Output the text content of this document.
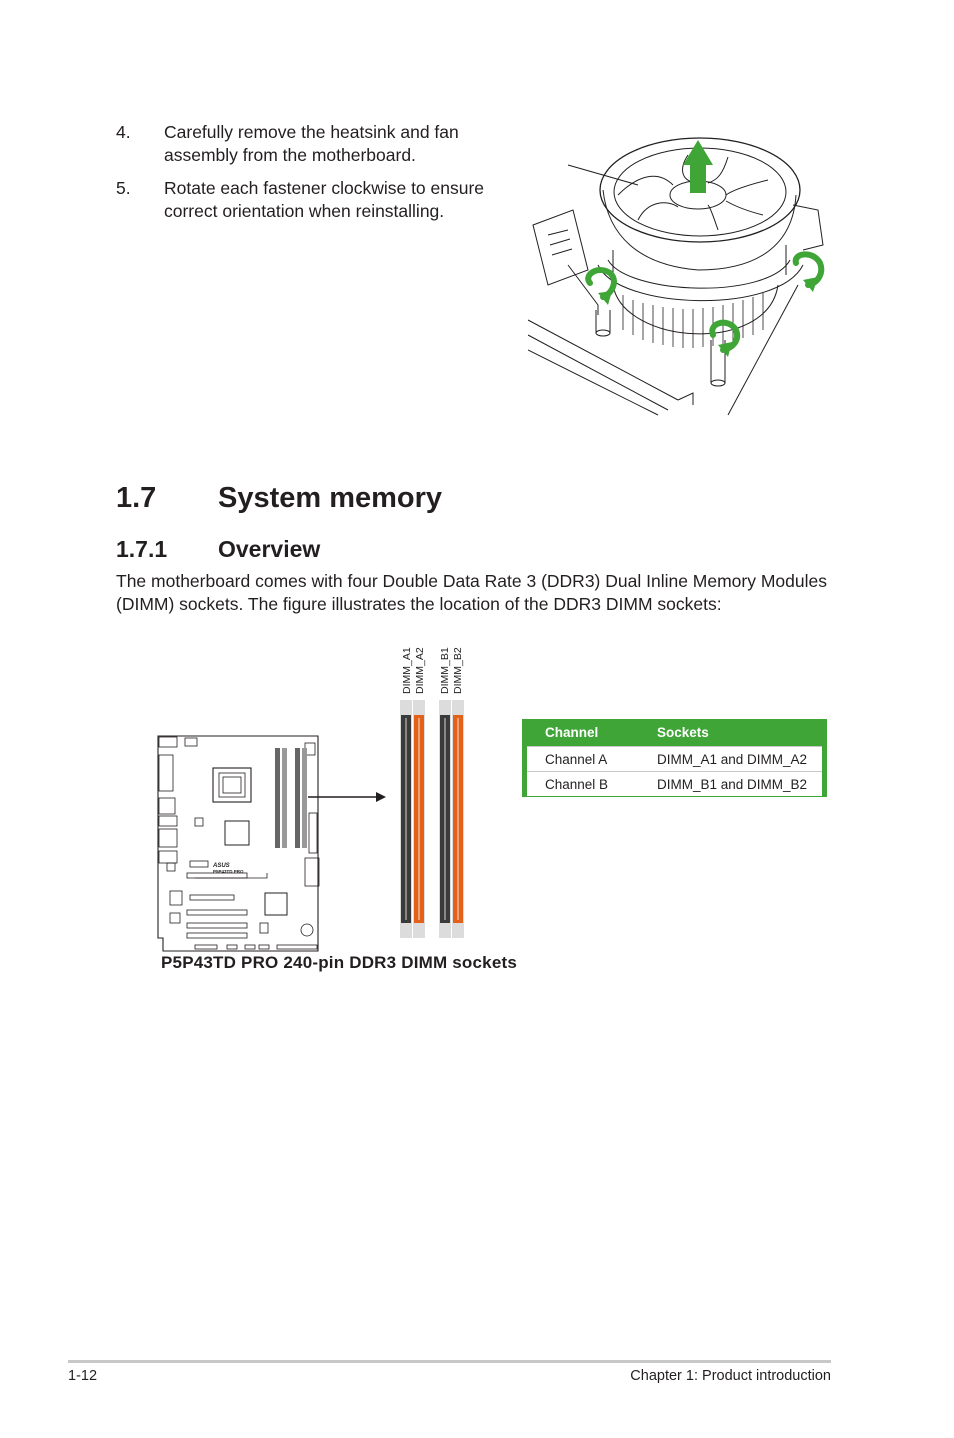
4. Carefully remove the heatsink and fan assembly from the motherboard.
5. Rotate each fastener clockwise to ensure correct orientation when reinstalling.
1.7 System memory
1.7.1 Overview
The motherboard comes with four Double Data Rate 3 (DDR3) Dual Inline Memory Modules (DIMM) sockets. The figure illustrates the location of the DDR3 DIMM sockets:
ASUS
P5P43TD PRO
DIMM_A1 DIMM_A2 DIMM_B1 DIMM_B2
Channel	Sockets
Channel A	DIMM_A1 and DIMM_A2
Channel B	DIMM_B1 and DIMM_B2
P5P43TD PRO 240-pin DDR3 DIMM sockets
1-12	Chapter 1: Product introduction
